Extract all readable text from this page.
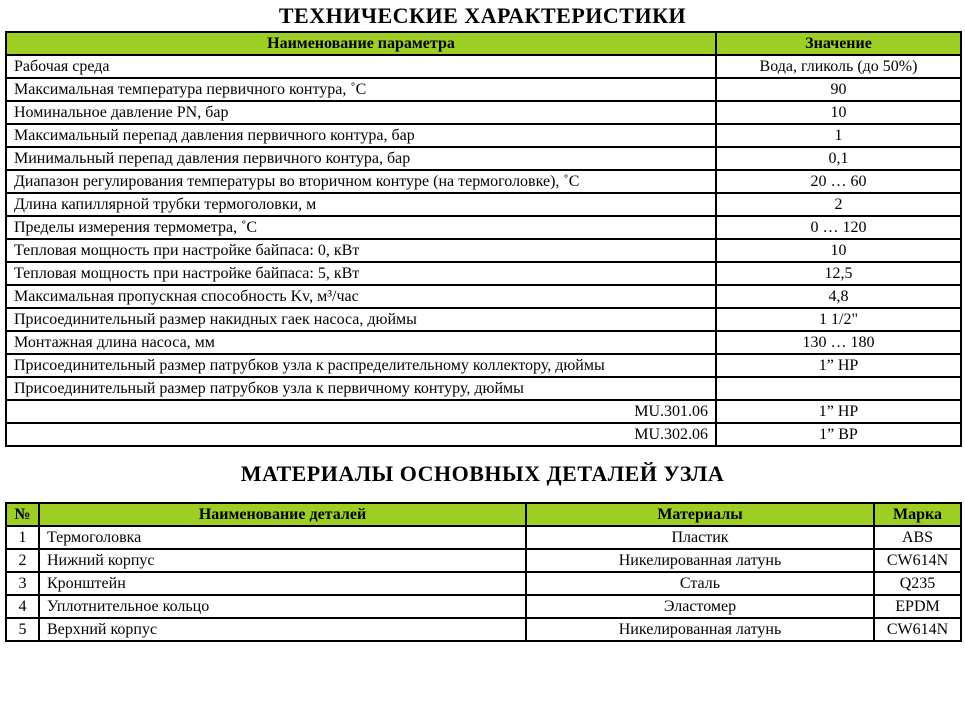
ТЕХНИЧЕСКИЕ ХАРАКТЕРИСТИКИ
Наименование параметра	Значение
Рабочая среда	Вода, гликоль (до 50%)
Максимальная температура первичного контура, ˚С	90
Номинальное давление PN, бар	10
Максимальный перепад давления первичного контура, бар	1
Минимальный перепад давления первичного контура, бар	0,1
Диапазон регулирования температуры во вторичном контуре (на термоголовке), ˚С	20 … 60
Длина капиллярной трубки термоголовки, м	2
Пределы измерения термометра, ˚С	0 … 120
Тепловая мощность при настройке байпаса: 0, кВт	10
Тепловая мощность при настройке байпаса: 5, кВт	12,5
Максимальная пропускная способность Kv, м³/час	4,8
Присоединительный размер накидных гаек насоса, дюймы	1 1/2"
Монтажная длина насоса, мм	130 … 180
Присоединительный размер патрубков узла к распределительному коллектору, дюймы	1” НР
Присоединительный размер патрубков узла к первичному контуру, дюймы	
MU.301.06	1” НР
MU.302.06	1” ВР
МАТЕРИАЛЫ ОСНОВНЫХ ДЕТАЛЕЙ УЗЛА
№	Наименование деталей	Материалы	Марка
1	Термоголовка	Пластик	ABS
2	Нижний корпус	Никелированная латунь	CW614N
3	Кронштейн	Сталь	Q235
4	Уплотнительное кольцо	Эластомер	EPDM
5	Верхний корпус	Никелированная латунь	CW614N
